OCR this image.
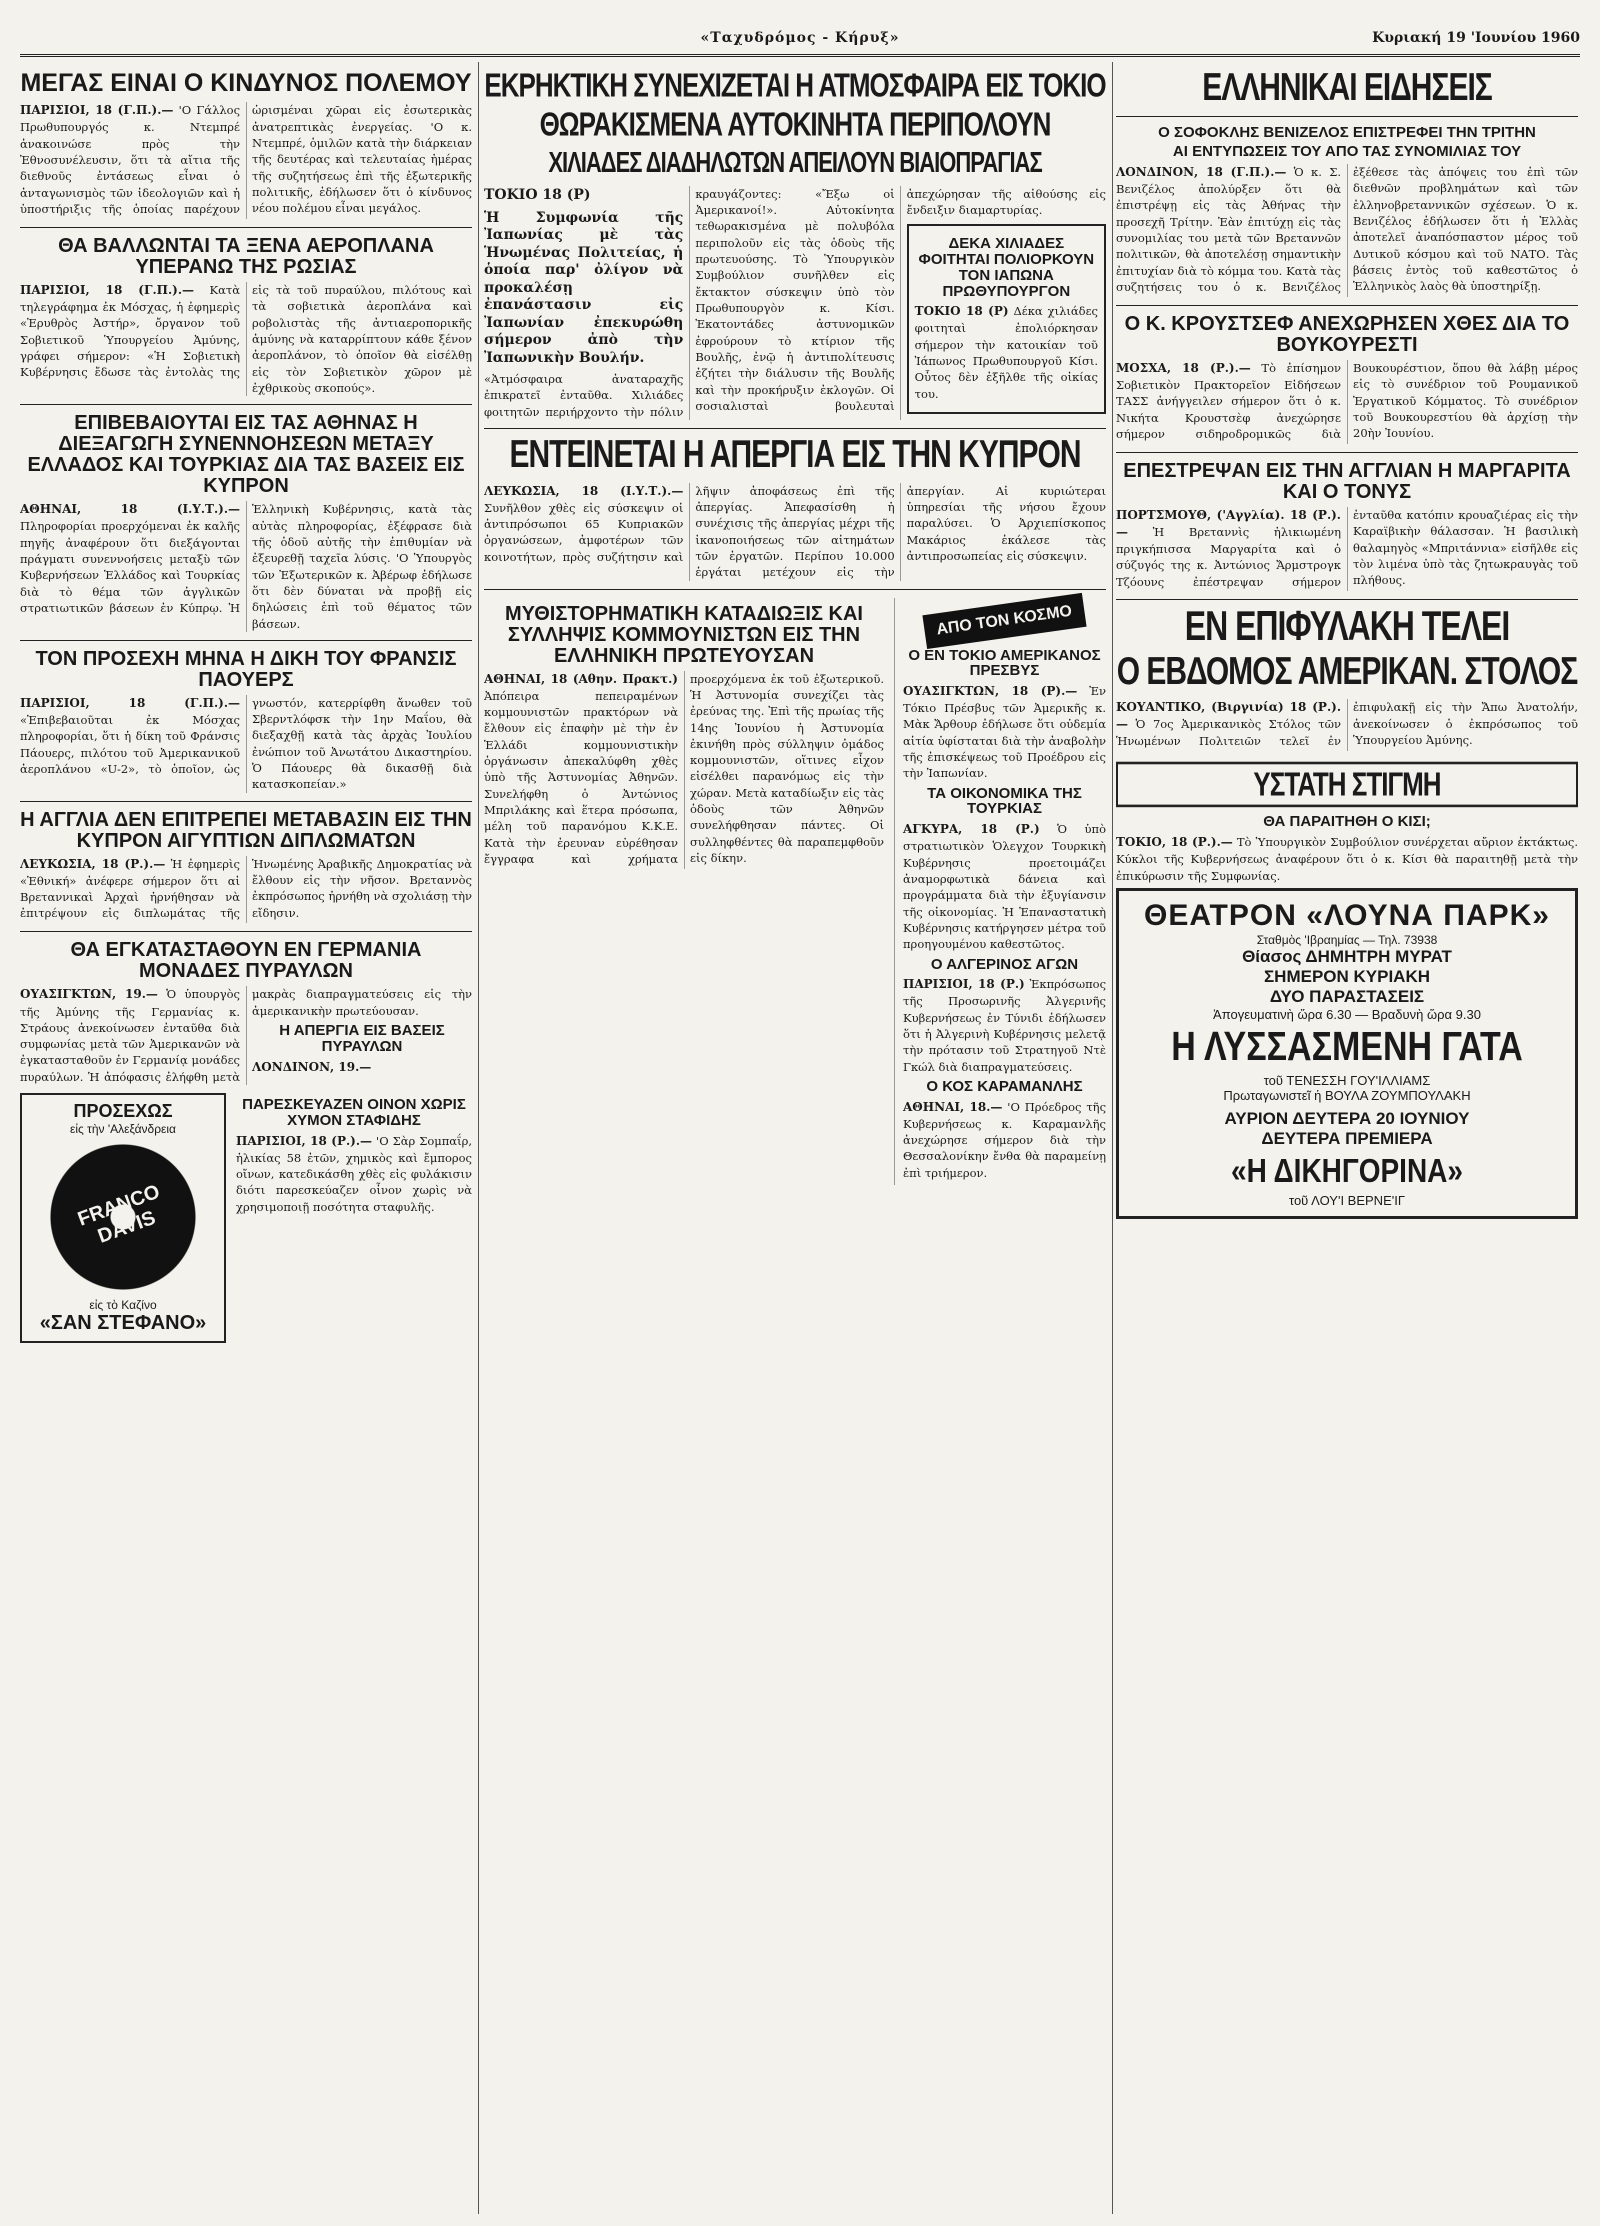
«Ταχυδρόμος - Κήρυξ»	Κυριακή 19 'Ιουνίου 1960
ΜΕΓΑΣ ΕΙΝΑΙ Ο ΚΙΝΔΥΝΟΣ ΠΟΛΕΜΟΥ

ΠΑΡΙΣΙΟΙ, 18 (Γ.Π.).— 'Ο Γάλλος Πρωθυπουργός κ. Ντεμπρέ ἀνακοινώσε πρὸς τὴν Ἐθνοσυνέλευσιν, ὅτι τὰ αἴτια τῆς διεθνοῦς ἐντάσεως εἶναι ὁ ἀνταγωνισμὸς τῶν ἰδεολογιῶν καὶ ἡ ὑποστήριξις τῆς ὁποίας παρέχουν ὡρισμέναι χῶραι εἰς ἐσωτερικὰς ἀνατρεπτικὰς ἐνεργείας. 'Ο κ. Ντεμπρέ, ὁμιλῶν κατὰ τὴν διάρκειαν τῆς δευτέρας καὶ τελευταίας ἡμέρας τῆς συζητήσεως ἐπὶ τῆς ἐξωτερικῆς πολιτικῆς, ἐδήλωσεν ὅτι ὁ κίνδυνος νέου πολέμου εἶναι μεγάλος.

ΘΑ ΒΑΛΛΩΝΤΑΙ ΤΑ ΞΕΝΑ ΑΕΡΟΠΛΑΝΑ ΥΠΕΡΑΝΩ ΤΗΣ ΡΩΣΙΑΣ

ΠΑΡΙΣΙΟΙ, 18 (Γ.Π.).— Κατὰ τηλεγράφημα ἐκ Μόσχας, ἡ ἐφημερὶς «Ἐρυθρὸς Ἀστήρ», ὄργανον τοῦ Σοβιετικοῦ Ὑπουργείου Ἀμύνης, γράφει σήμερον: «Ἡ Σοβιετικὴ Κυβέρνησις ἔδωσε τὰς ἐντολὰς της εἰς τὰ τοῦ πυραύλου, πιλότους καὶ τὰ σοβιετικὰ ἀεροπλάνα καὶ ροβολιστὰς τῆς ἀντιαεροπορικῆς ἀμύνης νὰ καταρρίπτουν κάθε ξένον ἀεροπλάνον, τὸ ὁποῖον θὰ εἰσέλθῃ εἰς τὸν Σοβιετικὸν χῶρον μὲ ἐχθρικοὺς σκοπούς».

ΕΠΙΒΕΒΑΙΟΥΤΑΙ ΕΙΣ ΤΑΣ ΑΘΗΝΑΣ Η ΔΙΕΞΑΓΩΓΗ ΣΥΝΕΝΝΟΗΣΕΩΝ ΜΕΤΑΞΥ ΕΛΛΑΔΟΣ ΚΑΙ ΤΟΥΡΚΙΑΣ ΔΙΑ ΤΑΣ ΒΑΣΕΙΣ ΕΙΣ ΚΥΠΡΟΝ

ΑΘΗΝΑΙ, 18 (Ι.Υ.Τ.).— Πληροφορίαι προερχόμεναι ἐκ καλῆς πηγῆς ἀναφέρουν ὅτι διεξάγονται πράγματι συνεννοήσεις μεταξὺ τῶν Κυβερνήσεων Ἑλλάδος καὶ Τουρκίας διὰ τὸ θέμα τῶν ἀγγλικῶν στρατιωτικῶν βάσεων ἐν Κύπρῳ. Ἡ Ἑλληνικὴ Κυβέρνησις, κατὰ τὰς αὐτὰς πληροφορίας, ἐξέφρασε διὰ τῆς ὁδοῦ αὐτῆς τὴν ἐπιθυμίαν νὰ ἐξευρεθῇ ταχεῖα λύσις. 'Ο Ὑπουργὸς τῶν Ἐξωτερικῶν κ. Ἀβέρωφ ἐδήλωσε ὅτι δὲν δύναται νὰ προβῇ εἰς δηλώσεις ἐπὶ τοῦ θέματος τῶν βάσεων.

ΤΟΝ ΠΡΟΣΕΧΗ ΜΗΝΑ Η ΔΙΚΗ ΤΟΥ ΦΡΑΝΣΙΣ ΠΑΟΥΕΡΣ

ΠΑΡΙΣΙΟΙ, 18 (Γ.Π.).— «Ἐπιβεβαιοῦται ἐκ Μόσχας πληροφορίαι, ὅτι ἡ δίκη τοῦ Φράνσις Πάουερς, πιλότου τοῦ Ἀμερικανικοῦ ἀεροπλάνου «U-2», τὸ ὁποῖον, ὡς γνωστόν, κατερρίφθη ἄνωθεν τοῦ Σβερντλόφσκ τὴν 1ην Μαΐου, θὰ διεξαχθῇ κατὰ τὰς ἀρχὰς Ἰουλίου ἐνώπιον τοῦ Ἀνωτάτου Δικαστηρίου. Ὁ Πάουερς θὰ δικασθῇ διὰ κατασκοπείαν.»

Η ΑΓΓΛΙΑ ΔΕΝ ΕΠΙΤΡΕΠΕΙ ΜΕΤΑΒΑΣΙΝ ΕΙΣ ΤΗΝ ΚΥΠΡΟΝ ΑΙΓΥΠΤΙΩΝ ΔΙΠΛΩΜΑΤΩΝ

ΛΕΥΚΩΣΙΑ, 18 (Ρ.).— Ἡ ἐφημερὶς «Ἐθνική» ἀνέφερε σήμερον ὅτι αἱ Βρεταννικαὶ Ἀρχαὶ ἠρνήθησαν νὰ ἐπιτρέψουν εἰς διπλωμάτας τῆς Ἡνωμένης Ἀραβικῆς Δημοκρατίας νὰ ἔλθουν εἰς τὴν νῆσον. Βρεταννὸς ἐκπρόσωπος ἠρνήθη νὰ σχολιάσῃ τὴν εἴδησιν.

ΘΑ ΕΓΚΑΤΑΣΤΑΘΟΥΝ ΕΝ ΓΕΡΜΑΝΙΑ ΜΟΝΑΔΕΣ ΠΥΡΑΥΛΩΝ

ΟΥΑΣΙΓΚΤΩΝ, 19.— Ὁ ὑπουργὸς τῆς Ἀμύνης τῆς Γερμανίας κ. Στράους ἀνεκοίνωσεν ἐνταῦθα διὰ συμφωνίας μετὰ τῶν Ἀμερικανῶν νὰ ἐγκατασταθοῦν ἐν Γερμανίᾳ μονάδες πυραύλων. Ἡ ἀπόφασις ἐλήφθη μετὰ μακρὰς διαπραγματεύσεις εἰς τὴν ἀμερικανικὴν πρωτεύουσαν.

Η ΑΠΕΡΓΙΑ ΕΙΣ ΒΑΣΕΙΣ ΠΥΡΑΥΛΩΝ

ΛΟΝΔΙΝΟΝ, 19.—

ΠΡΟΣΕΧΩΣ
εἰς τὴν 'Αλεξάνδρεια
FRANCO DAVIS
εἰς τὸ Καζίνο
«ΣΑΝ ΣΤΕΦΑΝΟ»
ΠΑΡΕΣΚΕΥΑΖΕΝ ΟΙΝΟΝ ΧΩΡΙΣ ΧΥΜΟΝ ΣΤΑΦΙΔΗΣ

ΠΑΡΙΣΙΟΙ, 18 (Ρ.).— 'Ο Σὰρ Σομπαΐρ, ἡλικίας 58 ἐτῶν, χημικὸς καὶ ἔμπορος οἴνων, κατεδικάσθη χθὲς εἰς φυλάκισιν διότι παρεσκεύαζεν οἶνον χωρὶς νὰ χρησιμοποιῇ ποσότητα σταφυλῆς.

ΕΚΡΗΚΤΙΚΗ ΣΥΝΕΧΙΖΕΤΑΙ Η ΑΤΜΟΣΦΑΙΡΑ ΕΙΣ ΤΟΚΙΟ
ΘΩΡΑΚΙΣΜΕΝΑ ΑΥΤΟΚΙΝΗΤΑ ΠΕΡΙΠΟΛΟΥΝ
ΧΙΛΙΑΔΕΣ ΔΙΑΔΗΛΩΤΩΝ ΑΠΕΙΛΟΥΝ ΒΙΑΙΟΠΡΑΓΙΑΣ

ΤΟΚΙΟ 18 (Ρ)

Ἡ Συμφωνία τῆς Ἰαπωνίας μὲ τὰς Ἡνωμένας Πολιτείας, ἡ ὁποία παρ' ὀλίγον νὰ προκαλέσῃ ἐπανάστασιν εἰς Ἰαπωνίαν ἐπεκυρώθη σήμερον ἀπὸ τὴν Ἰαπωνικὴν Βουλήν.

«Ἀτμόσφαιρα ἀναταραχῆς ἐπικρατεῖ ἐνταῦθα. Χιλιάδες φοιτητῶν περιήρχοντο τὴν πόλιν κραυγάζοντες: «Ἔξω οἱ Ἀμερικανοί!». Αὐτοκίνητα τεθωρακισμένα μὲ πολυβόλα περιπολοῦν εἰς τὰς ὁδοὺς τῆς πρωτευούσης. Τὸ Ὑπουργικὸν Συμβούλιον συνῆλθεν εἰς ἔκτακτον σύσκεψιν ὑπὸ τὸν Πρωθυπουργὸν κ. Κίσι. Ἐκατοντάδες ἀστυνομικῶν ἐφρούρουν τὸ κτίριον τῆς Βουλῆς, ἐνῷ ἡ ἀντιπολίτευσις ἐζήτει τὴν διάλυσιν τῆς Βουλῆς καὶ τὴν προκήρυξιν ἐκλογῶν. Οἱ σοσιαλισταὶ βουλευταὶ ἀπεχώρησαν τῆς αἰθούσης εἰς ἔνδειξιν διαμαρτυρίας.

ΔΕΚΑ ΧΙΛΙΑΔΕΣ ΦΟΙΤΗΤΑΙ ΠΟΛΙΟΡΚΟΥΝ ΤΟΝ ΙΑΠΩΝΑ ΠΡΩΘΥΠΟΥΡΓΟΝ

ΤΟΚΙΟ 18 (Ρ) Δέκα χιλιάδες φοιτηταὶ ἐπολιόρκησαν σήμερον τὴν κατοικίαν τοῦ Ἰάπωνος Πρωθυπουργοῦ Κίσι. Οὗτος δὲν ἐξῆλθε τῆς οἰκίας του.

ΕΝΤΕΙΝΕΤΑΙ Η ΑΠΕΡΓΙΑ ΕΙΣ ΤΗΝ ΚΥΠΡΟΝ

ΛΕΥΚΩΣΙΑ, 18 (Ι.Υ.Τ.).— Συνῆλθον χθὲς εἰς σύσκεψιν οἱ ἀντιπρόσωποι 65 Κυπριακῶν ὀργανώσεων, ἀμφοτέρων τῶν κοινοτήτων, πρὸς συζήτησιν καὶ λῆψιν ἀποφάσεως ἐπὶ τῆς ἀπεργίας. Ἀπεφασίσθη ἡ συνέχισις τῆς ἀπεργίας μέχρι τῆς ἱκανοποιήσεως τῶν αἰτημάτων τῶν ἐργατῶν. Περίπου 10.000 ἐργάται μετέχουν εἰς τὴν ἀπεργίαν. Αἱ κυριώτεραι ὑπηρεσίαι τῆς νήσου ἔχουν παραλύσει. Ὁ Ἀρχιεπίσκοπος Μακάριος ἐκάλεσε τὰς ἀντιπροσωπείας εἰς σύσκεψιν.

ΜΥΘΙΣΤΟΡΗΜΑΤΙΚΗ ΚΑΤΑΔΙΩΞΙΣ ΚΑΙ ΣΥΛΛΗΨΙΣ ΚΟΜΜΟΥΝΙΣΤΩΝ ΕΙΣ ΤΗΝ ΕΛΛΗΝΙΚΗ ΠΡΩΤΕΥΟΥΣΑΝ

ΑΘΗΝΑΙ, 18 (Αθην. Πρακτ.) Ἀπόπειρα πεπειραμένων κομμουνιστῶν πρακτόρων νὰ ἔλθουν εἰς ἐπαφὴν μὲ τὴν ἐν Ἑλλάδι κομμουνιστικὴν ὀργάνωσιν ἀπεκαλύφθη χθὲς ὑπὸ τῆς Ἀστυνομίας Ἀθηνῶν. Συνελήφθη ὁ Ἀντώνιος Μπριλάκης καὶ ἕτερα πρόσωπα, μέλη τοῦ παρανόμου Κ.Κ.Ε. Κατὰ τὴν ἐρευναν εὑρέθησαν ἔγγραφα καὶ χρήματα προερχόμενα ἐκ τοῦ ἐξωτερικοῦ. Ἡ Ἀστυνομία συνεχίζει τὰς ἐρεύνας της. Ἐπὶ τῆς πρωίας τῆς 14ης Ἰουνίου ἡ Ἀστυνομία ἐκινήθη πρὸς σύλληψιν ὁμάδος κομμουνιστῶν, οἵτινες εἶχον εἰσέλθει παρανόμως εἰς τὴν χώραν. Μετὰ καταδίωξιν εἰς τὰς ὁδοὺς τῶν Ἀθηνῶν συνελήφθησαν πάντες. Οἱ συλληφθέντες θὰ παραπεμφθοῦν εἰς δίκην.

ΑΠΟ ΤΟΝ ΚΟΣΜΟ
Ο ΕΝ ΤΟΚΙΟ ΑΜΕΡΙΚΑΝΟΣ ΠΡΕΣΒΥΣ

ΟΥΑΣΙΓΚΤΩΝ, 18 (Ρ).— Ἐν Τόκιο Πρέσβυς τῶν Ἀμερικῆς κ. Μὰκ Ἄρθουρ ἐδήλωσε ὅτι οὐδεμία αἰτία ὑφίσταται διὰ τὴν ἀναβολὴν τῆς ἐπισκέψεως τοῦ Προέδρου εἰς τὴν Ἰαπωνίαν.

ΤΑ ΟΙΚΟΝΟΜΙΚΑ ΤΗΣ ΤΟΥΡΚΙΑΣ

ΑΓΚΥΡΑ, 18 (Ρ.) Ὁ ὑπὸ στρατιωτικὸν Ὁλεγχον Τουρκικὴ Κυβέρνησις προετοιμάζει ἀναμορφωτικὰ δάνεια καὶ προγράμματα διὰ τὴν ἐξυγίανσιν τῆς οἰκονομίας. Ἡ Ἐπαναστατικὴ Κυβέρνησις κατήργησεν μέτρα τοῦ προηγουμένου καθεστῶτος.

Ο ΑΛΓΕΡΙΝΟΣ ΑΓΩΝ

ΠΑΡΙΣΙΟΙ, 18 (Ρ.) Ἐκπρόσωπος τῆς Προσωρινῆς Ἀλγερινῆς Κυβερνήσεως ἐν Τύνιδι ἐδήλωσεν ὅτι ἡ Ἀλγερινὴ Κυβέρνησις μελετᾷ τὴν πρότασιν τοῦ Στρατηγοῦ Ντὲ Γκώλ διὰ διαπραγματεύσεις.

Ο ΚΟΣ ΚΑΡΑΜΑΝΛΗΣ

ΑΘΗΝΑΙ, 18.— 'Ο Πρόεδρος τῆς Κυβερνήσεως κ. Καραμανλῆς ἀνεχώρησε σήμερον διὰ τὴν Θεσσαλονίκην ἔνθα θὰ παραμείνῃ ἐπὶ τριήμερον.

ΕΛΛΗΝΙΚΑΙ ΕΙΔΗΣΕΙΣ
Ο ΣΟΦΟΚΛΗΣ ΒΕΝΙΖΕΛΟΣ ΕΠΙΣΤΡΕΦΕΙ ΤΗΝ ΤΡΙΤΗΝ
ΑΙ ΕΝΤΥΠΩΣΕΙΣ ΤΟΥ ΑΠΟ ΤΑΣ ΣΥΝΟΜΙΛΙΑΣ ΤΟΥ

ΛΟΝΔΙΝΟΝ, 18 (Γ.Π.).— Ὁ κ. Σ. Βενιζέλος ἀπολύρξεν ὅτι θὰ ἐπιστρέψῃ εἰς τὰς Ἀθήνας τὴν προσεχῆ Τρίτην. Ἐὰν ἐπιτύχῃ εἰς τὰς συνομιλίας του μετὰ τῶν Βρεταννῶν πολιτικῶν, θὰ ἀποτελέσῃ σημαντικὴν ἐπιτυχίαν διὰ τὸ κόμμα του. Κατὰ τὰς συζητήσεις του ὁ κ. Βενιζέλος ἐξέθεσε τὰς ἀπόψεις του ἐπὶ τῶν διεθνῶν προβλημάτων καὶ τῶν ἑλληνοβρεταννικῶν σχέσεων. Ὁ κ. Βενιζέλος ἐδήλωσεν ὅτι ἡ Ἑλλὰς ἀποτελεῖ ἀναπόσπαστον μέρος τοῦ Δυτικοῦ κόσμου καὶ τοῦ ΝΑΤΟ. Τὰς βάσεις ἐντὸς τοῦ καθεστῶτος ὁ Ἑλληνικὸς λαὸς θὰ ὑποστηρίξῃ.

Ο Κ. ΚΡΟΥΣΤΣΕΦ ΑΝΕΧΩΡΗΣΕΝ ΧΘΕΣ ΔΙΑ ΤΟ ΒΟΥΚΟΥΡΕΣΤΙ

ΜΟΣΧΑ, 18 (Ρ.).— Τὸ ἐπίσημον Σοβιετικὸν Πρακτορεῖον Εἰδήσεων ΤΑΣΣ ἀνήγγειλεν σήμερον ὅτι ὁ κ. Νικήτα Κρουστσὲφ ἀνεχώρησε σήμερον σιδηροδρομικῶς διὰ Βουκουρέστιον, ὅπου θὰ λάβῃ μέρος εἰς τὸ συνέδριον τοῦ Ρουμανικοῦ Ἐργατικοῦ Κόμματος. Τὸ συνέδριον τοῦ Βουκουρεστίου θὰ ἀρχίσῃ τὴν 20ὴν Ἰουνίου.

ΕΠΕΣΤΡΕΨΑΝ ΕΙΣ ΤΗΝ ΑΓΓΛΙΑΝ Η ΜΑΡΓΑΡΙΤΑ ΚΑΙ Ο ΤΟΝΥΣ

ΠΟΡΤΣΜΟΥΘ, ('Αγγλία). 18 (Ρ.).— Ἡ Βρεταννὶς ἡλικιωμένη πριγκήπισσα Μαργαρίτα καὶ ὁ σύζυγός της κ. Ἀντώνιος Ἄρμστρογκ Τζόουνς ἐπέστρεψαν σήμερον ἐνταῦθα κατόπιν κρουαζιέρας εἰς τὴν Καραϊβικὴν θάλασσαν. Ἡ βασιλικὴ θαλαμηγὸς «Μπριτάννια» εἰσῆλθε εἰς τὸν λιμένα ὑπὸ τὰς ζητωκραυγὰς τοῦ πλήθους.

ΕΝ ΕΠΙΦΥΛΑΚΗ ΤΕΛΕΙ
Ο ΕΒΔΟΜΟΣ ΑΜΕΡΙΚΑΝ. ΣΤΟΛΟΣ

ΚΟΥΑΝΤΙΚΟ, (Βιργινία) 18 (Ρ.).— Ὁ 7ος Ἀμερικανικὸς Στόλος τῶν Ἡνωμένων Πολιτειῶν τελεῖ ἐν ἐπιφυλακῇ εἰς τὴν Ἄπω Ἀνατολήν, ἀνεκοίνωσεν ὁ ἐκπρόσωπος τοῦ Ὑπουργείου Ἀμύνης.

ΥΣΤΑΤΗ ΣΤΙΓΜΗ
ΘΑ ΠΑΡΑΙΤΗΘΗ Ο ΚΙΣΙ;

ΤΟΚΙΟ, 18 (Ρ.).— Τὸ Ὑπουργικὸν Συμβούλιον συνέρχεται αὔριον ἐκτάκτως. Κύκλοι τῆς Κυβερνήσεως ἀναφέρουν ὅτι ὁ κ. Κίσι θὰ παραιτηθῇ μετὰ τὴν ἐπικύρωσιν τῆς Συμφωνίας.

ΘΕΑΤΡΟΝ «ΛΟΥΝΑ ΠΑΡΚ»
Σταθμὸς 'Ιβραημίας — Τηλ. 73938
Θίασος ΔΗΜΗΤΡΗ ΜΥΡΑΤ
ΣΗΜΕΡΟΝ ΚΥΡΙΑΚΗ
ΔΥΟ ΠΑΡΑΣΤΑΣΕΙΣ
Ἀπογευματινὴ ὥρα 6.30 — Βραδυνὴ ὥρα 9.30
Η ΛΥΣΣΑΣΜΕΝΗ ΓΑΤΑ
τοῦ ΤΕΝΕΣΣΗ ΓΟΥ'ΙΛΛΙΑΜΣ
Πρωταγωνιστεῖ ἡ ΒΟΥΛΑ ΖΟΥΜΠΟΥΛΑΚΗ
ΑΥΡΙΟΝ ΔΕΥΤΕΡΑ 20 ΙΟΥΝΙΟΥ
ΔΕΥΤΕΡΑ ΠΡΕΜΙΕΡΑ
«Η ΔΙΚΗΓΟΡΙΝΑ»
τοῦ ΛΟΥ'Ι ΒΕΡΝΕ'ΙΓ
